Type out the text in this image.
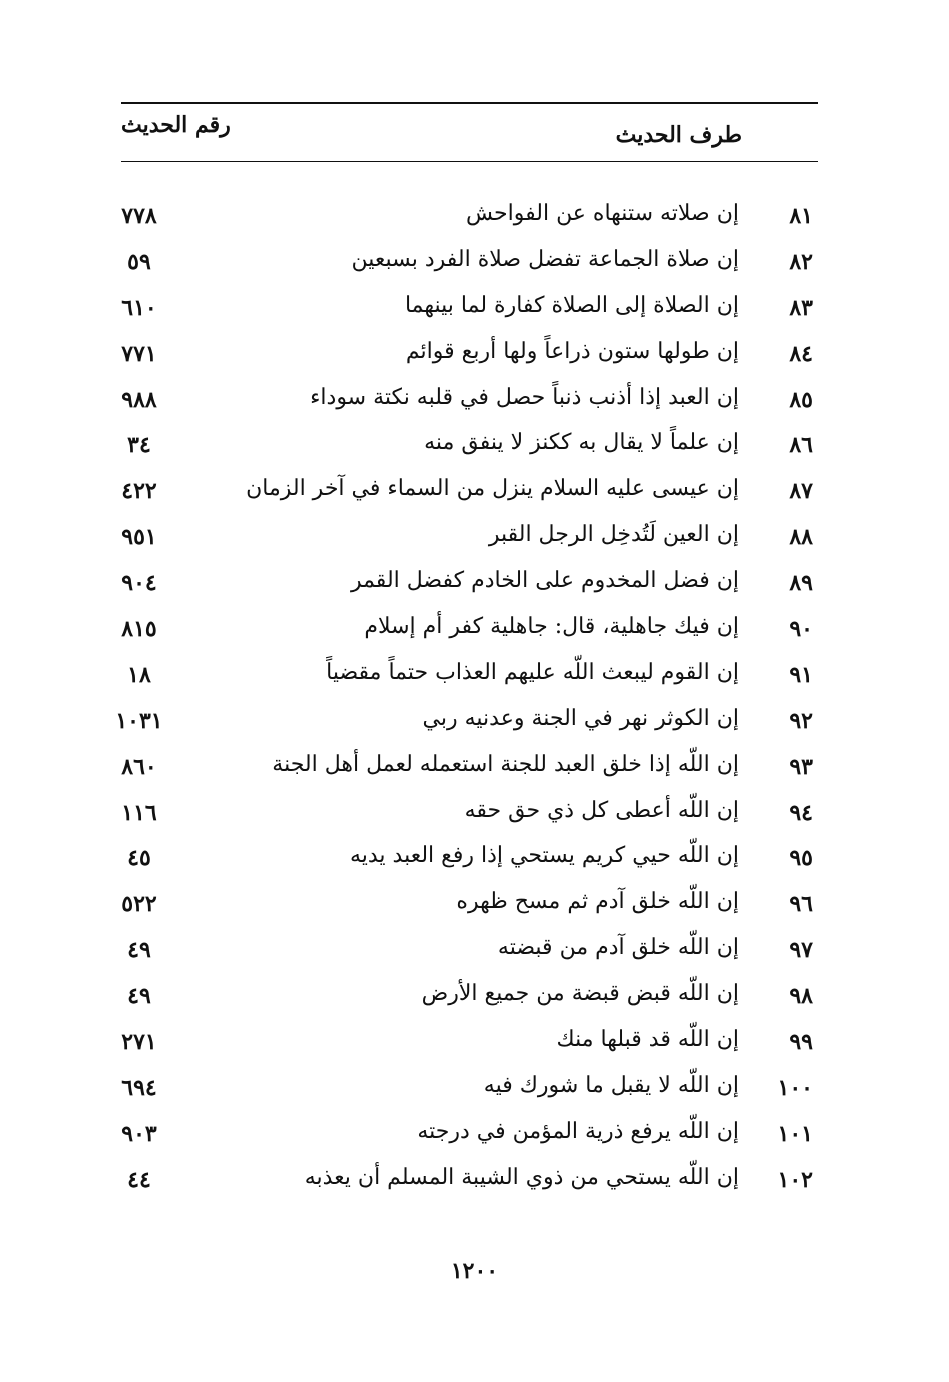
رقم الحديث	طرف الحديث
٨١
إن صلاته ستنهاه عن الفواحش
٧٧٨
٨٢
إن صلاة الجماعة تفضل صلاة الفرد بسبعين
٥٩
٨٣
إن الصلاة إلى الصلاة كفارة لما بينهما
٦١٠
٨٤
إن طولها ستون ذراعاً ولها أربع قوائم
٧٧١
٨٥
إن العبد إذا أذنب ذنباً حصل في قلبه نكتة سوداء
٩٨٨
٨٦
إن علماً لا يقال به ككنز لا ينفق منه
٣٤
٨٧
إن عيسى عليه السلام ينزل من السماء في آخر الزمان
٤٢٢
٨٨
إن العين لَتُدخِل الرجل القبر
٩٥١
٨٩
إن فضل المخدوم على الخادم كفضل القمر
٩٠٤
٩٠
إن فيك جاهلية، قال: جاهلية كفر أم إسلام
٨١٥
٩١
إن القوم ليبعث اللّه عليهم العذاب حتماً مقضياً
١٨
٩٢
إن الكوثر نهر في الجنة وعدنيه ربي
١٠٣١
٩٣
إن اللّه إذا خلق العبد للجنة استعمله لعمل أهل الجنة
٨٦٠
٩٤
إن اللّه أعطى كل ذي حق حقه
١١٦
٩٥
إن اللّه حيي كريم يستحي إذا رفع العبد يديه
٤٥
٩٦
إن اللّه خلق آدم ثم مسح ظهره
٥٢٢
٩٧
إن اللّه خلق آدم من قبضته
٤٩
٩٨
إن اللّه قبض قبضة من جميع الأرض
٤٩
٩٩
إن اللّه قد قبلها منك
٢٧١
١٠٠
إن اللّه لا يقبل ما شورك فيه
٦٩٤
١٠١
إن اللّه يرفع ذرية المؤمن في درجته
٩٠٣
١٠٢
إن اللّه يستحي من ذوي الشيبة المسلم أن يعذبه
٤٤
١٢٠٠
